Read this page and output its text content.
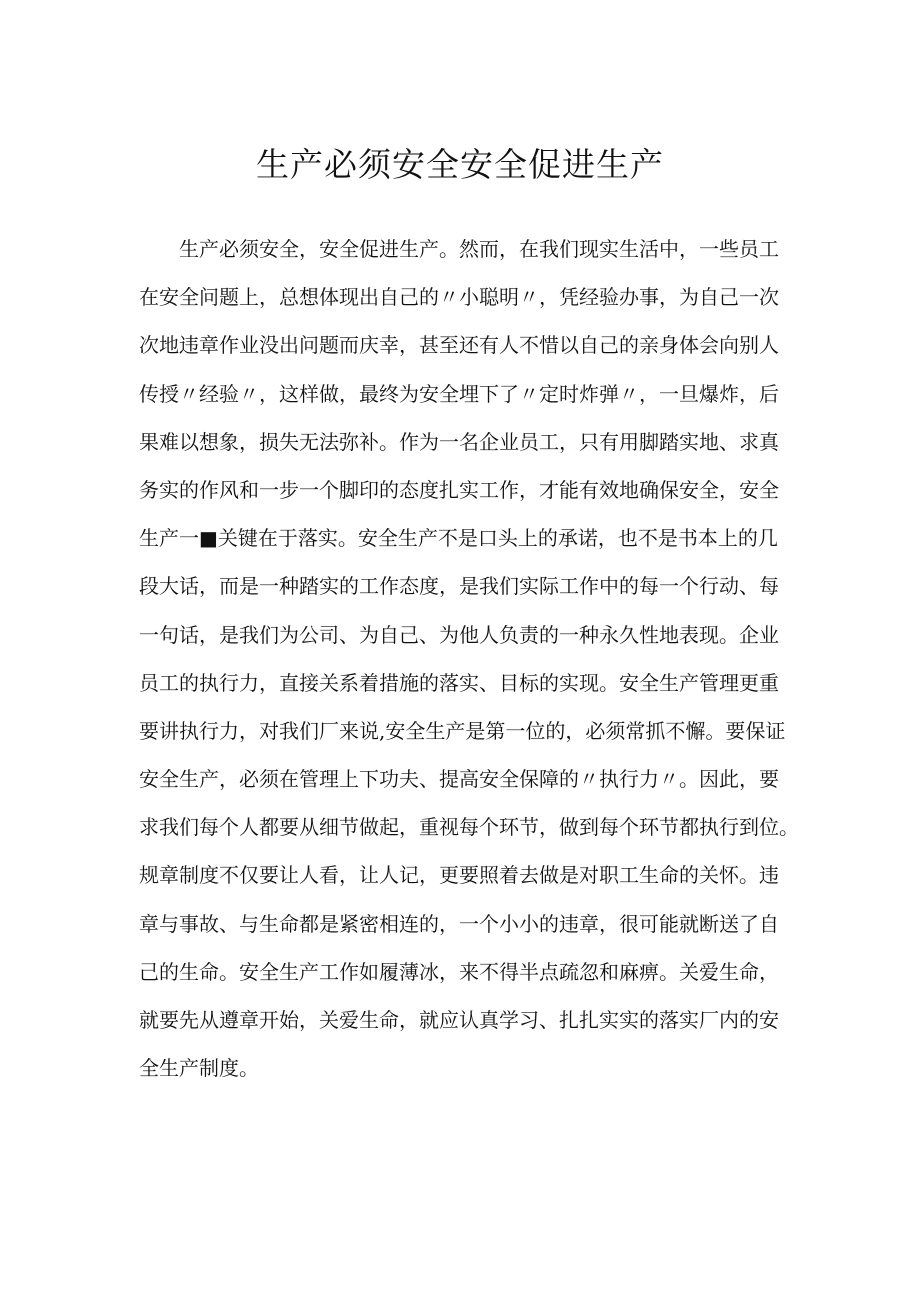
生产必须安全安全促进生产
生产必须安全，安全促进生产。然而，在我们现实生活中，一些员工
在安全问题上，总想体现出自己的〃小聪明〃，凭经验办事，为自己一次
次地违章作业没出问题而庆幸，甚至还有人不惜以自己的亲身体会向别人
传授〃经验〃，这样做，最终为安全埋下了〃定时炸弹〃，一旦爆炸，后
果难以想象，损失无法弥补。作为一名企业员工，只有用脚踏实地、求真
务实的作风和一步一个脚印的态度扎实工作，才能有效地确保安全，安全
生产一■关键在于落实。安全生产不是口头上的承诺，也不是书本上的几
段大话，而是一种踏实的工作态度，是我们实际工作中的每一个行动、每
一句话，是我们为公司、为自己、为他人负责的一种永久性地表现。企业
员工的执行力，直接关系着措施的落实、目标的实现。安全生产管理更重
要讲执行力，对我们厂来说,安全生产是第一位的，必须常抓不懈。要保证
安全生产，必须在管理上下功夫、提高安全保障的〃执行力〃。因此，要
求我们每个人都要从细节做起，重视每个环节，做到每个环节都执行到位。
规章制度不仅要让人看，让人记，更要照着去做是对职工生命的关怀。违
章与事故、与生命都是紧密相连的，一个小小的违章，很可能就断送了自
己的生命。安全生产工作如履薄冰，来不得半点疏忽和麻痹。关爱生命，
就要先从遵章开始，关爱生命，就应认真学习、扎扎实实的落实厂内的安
全生产制度。
